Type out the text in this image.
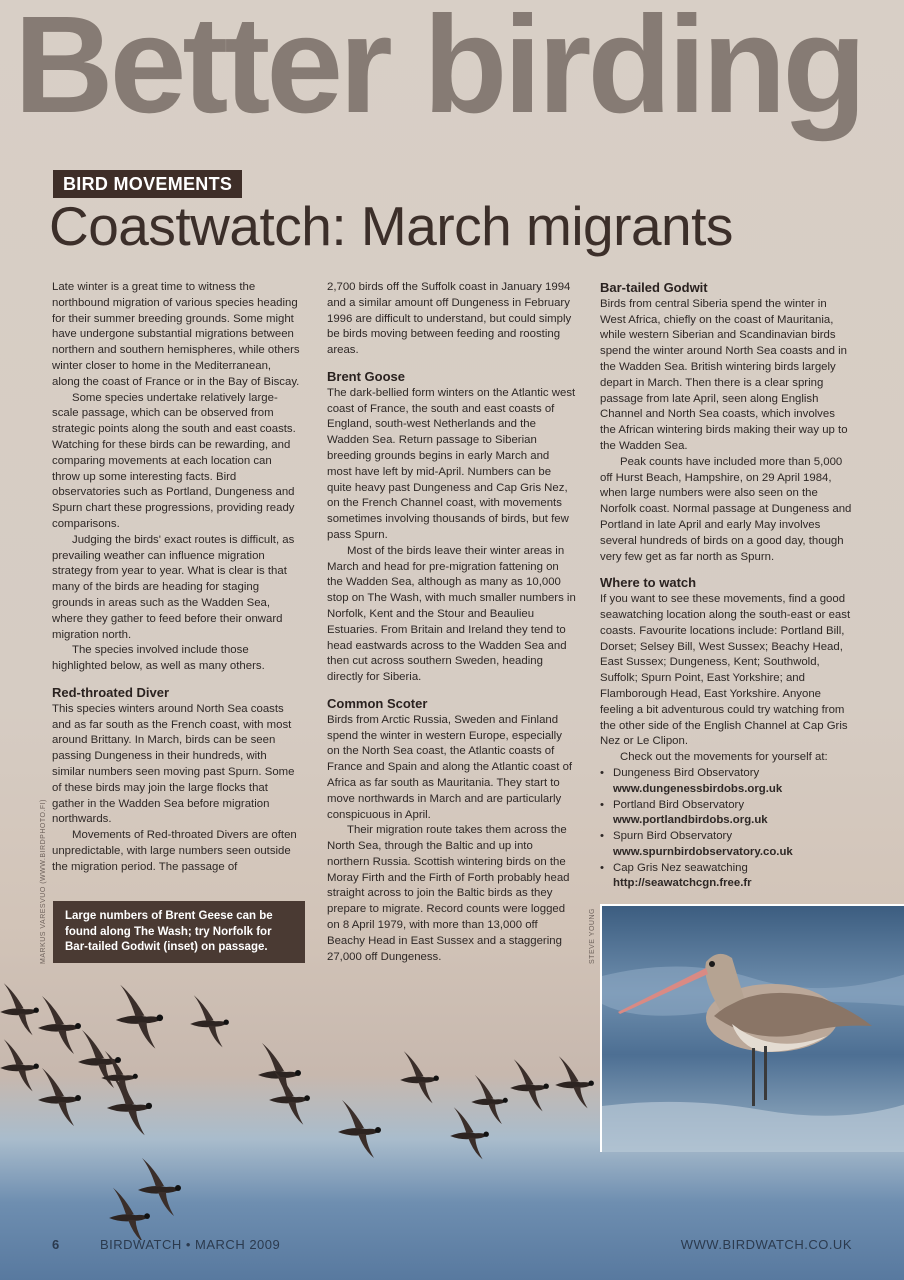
Better birding
BIRD MOVEMENTS
Coastwatch: March migrants

Late winter is a great time to witness the northbound migration of various species heading for their summer breeding grounds. Some might have undergone substantial migrations between northern and southern hemispheres, while others winter closer to home in the Mediterranean, along the coast of France or in the Bay of Biscay.

Some species undertake relatively large-scale passage, which can be observed from strategic points along the south and east coasts. Watching for these birds can be rewarding, and comparing movements at each location can throw up some interesting facts. Bird observatories such as Portland, Dungeness and Spurn chart these progressions, providing ready comparisons.

Judging the birds' exact routes is difficult, as prevailing weather can influence migration strategy from year to year. What is clear is that many of the birds are heading for staging grounds in areas such as the Wadden Sea, where they gather to feed before their onward migration north.

The species involved include those highlighted below, as well as many others.

Red-throated Diver

This species winters around North Sea coasts and as far south as the French coast, with most around Brittany. In March, birds can be seen passing Dungeness in their hundreds, with similar numbers seen moving past Spurn. Some of these birds may join the large flocks that gather in the Wadden Sea before migration northwards.

Movements of Red-throated Divers are often unpredictable, with large numbers seen outside the migration period. The passage of

2,700 birds off the Suffolk coast in January 1994 and a similar amount off Dungeness in February 1996 are difficult to understand, but could simply be birds moving between feeding and roosting areas.

Brent Goose

The dark-bellied form winters on the Atlantic west coast of France, the south and east coasts of England, south-west Netherlands and the Wadden Sea. Return passage to Siberian breeding grounds begins in early March and most have left by mid-April. Numbers can be quite heavy past Dungeness and Cap Gris Nez, on the French Channel coast, with movements sometimes involving thousands of birds, but few pass Spurn.

Most of the birds leave their winter areas in March and head for pre-migration fattening on the Wadden Sea, although as many as 10,000 stop on The Wash, with much smaller numbers in Norfolk, Kent and the Stour and Beaulieu Estuaries. From Britain and Ireland they tend to head eastwards across to the Wadden Sea and then cut across southern Sweden, heading directly for Siberia.

Common Scoter

Birds from Arctic Russia, Sweden and Finland spend the winter in western Europe, especially on the North Sea coast, the Atlantic coasts of France and Spain and along the Atlantic coast of Africa as far south as Mauritania. They start to move northwards in March and are particularly conspicuous in April.

Their migration route takes them across the North Sea, through the Baltic and up into northern Russia. Scottish wintering birds on the Moray Firth and the Firth of Forth probably head straight across to join the Baltic birds as they prepare to migrate. Record counts were logged on 8 April 1979, with more than 13,000 off Beachy Head in East Sussex and a staggering 27,000 off Dungeness.

Bar-tailed Godwit

Birds from central Siberia spend the winter in West Africa, chiefly on the coast of Mauritania, while western Siberian and Scandinavian birds spend the winter around North Sea coasts and in the Wadden Sea. British wintering birds largely depart in March. Then there is a clear spring passage from late April, seen along English Channel and North Sea coasts, which involves the African wintering birds making their way up to the Wadden Sea.

Peak counts have included more than 5,000 off Hurst Beach, Hampshire, on 29 April 1984, when large numbers were also seen on the Norfolk coast. Normal passage at Dungeness and Portland in late April and early May involves several hundreds of birds on a good day, though very few get as far north as Spurn.

Where to watch

If you want to see these movements, find a good seawatching location along the south-east or east coasts. Favourite locations include: Portland Bill, Dorset; Selsey Bill, West Sussex; Beachy Head, East Sussex; Dungeness, Kent; Southwold, Suffolk; Spurn Point, East Yorkshire; and Flamborough Head, East Yorkshire. Anyone feeling a bit adventurous could try watching from the other side of the English Channel at Cap Gris Nez or Le Clipon.

Check out the movements for yourself at:

• Dungeness Bird Observatory
www.dungenessbirdobs.org.uk
• Portland Bird Observatory
www.portlandbirdobs.org.uk
• Spurn Bird Observatory
www.spurnbirdobservatory.co.uk
• Cap Gris Nez seawatching
http://seawatchcgn.free.fr
Large numbers of Brent Geese can be found along The Wash; try Norfolk for Bar-tailed Godwit (inset) on passage.
MARKUS VARESVUO (WWW.BIRDPHOTO.FI)	STEVE YOUNG
6	BIRDWATCH • MARCH 2009	WWW.BIRDWATCH.CO.UK
